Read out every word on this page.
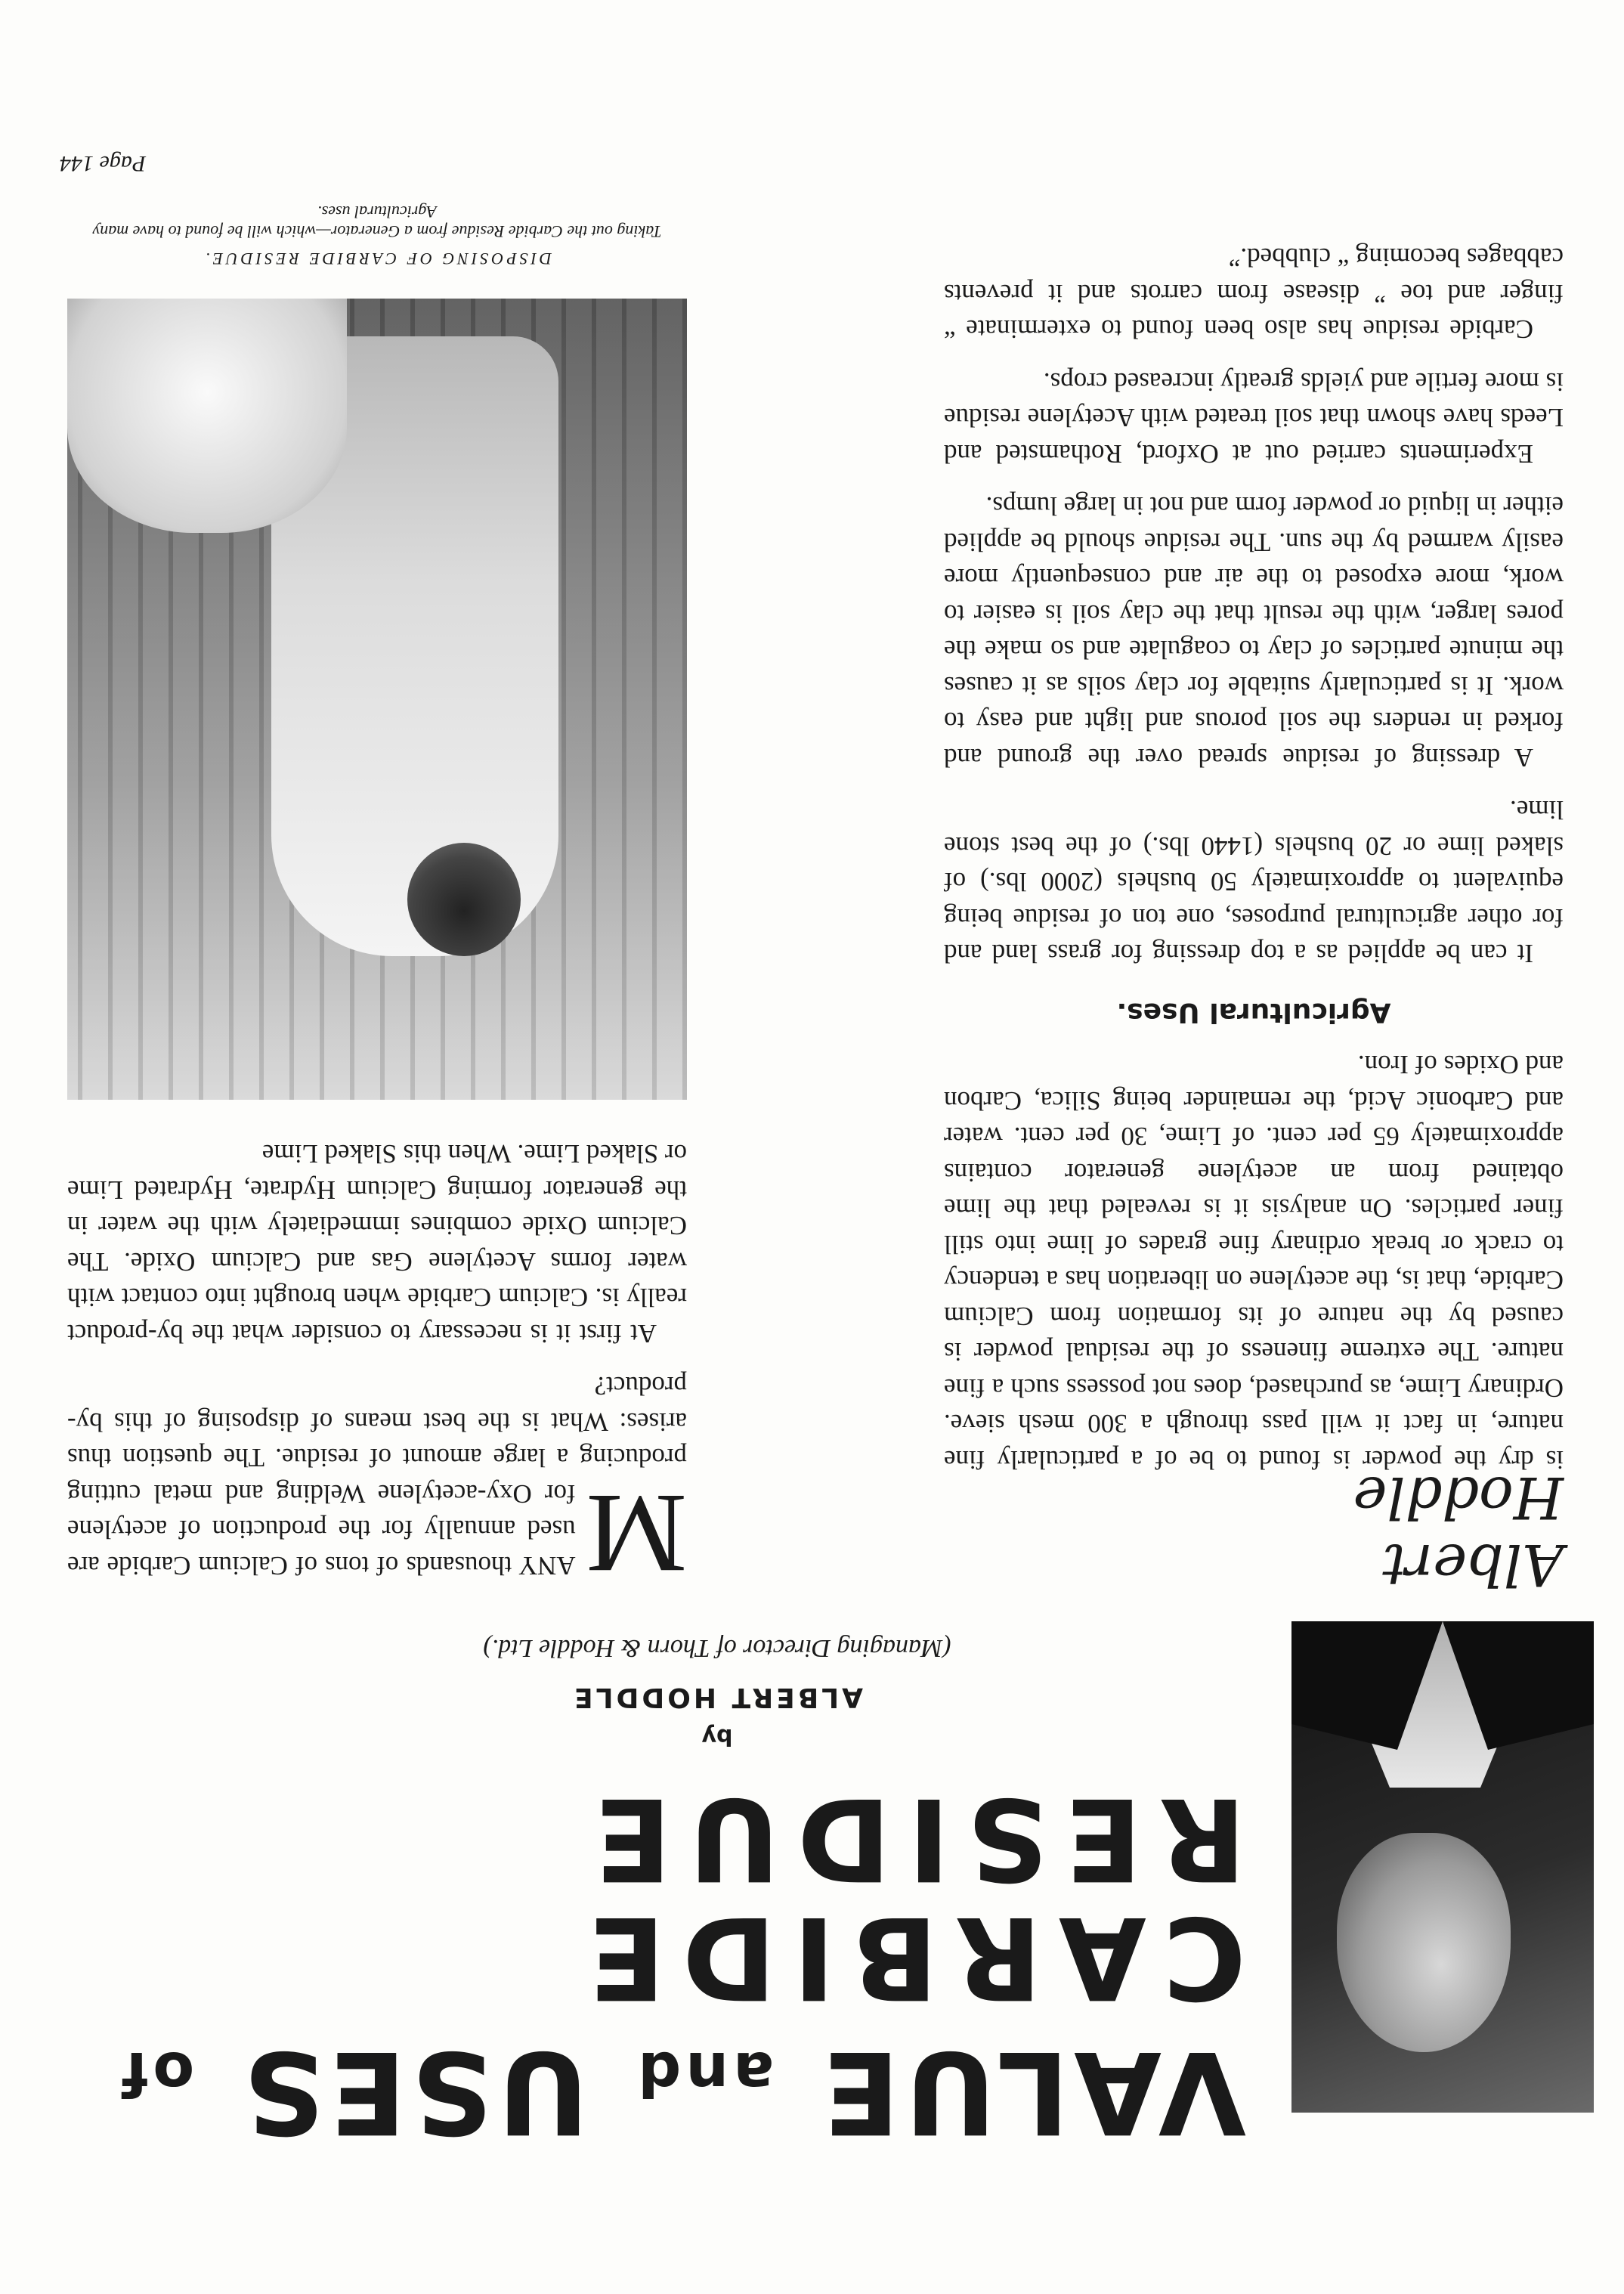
VALUE and USES of
CARBIDE RESIDUE
by
ALBERT HODDLE
(Managing Director of Thorn & Hoddle Ltd.)
Albert Hoddle

M
ANY thousands of tons of Calcium Carbide are used annually for the production of acetylene for Oxy-acetylene Welding and metal cutting producing a large amount of residue. The question thus arises: What is the best means of disposing of this by-product?

At first it is necessary to consider what the by-product really is. Calcium Carbide when brought into contact with water forms Acetylene Gas and Calcium Oxide. The Calcium Oxide combines immediately with the water in the generator forming Calcium Hydrate, Hydrated Lime or Slaked Lime. When this Slaked Lime

is dry the powder is found to be of a particularly fine nature, in fact it will pass through a 300 mesh sieve. Ordinary Lime, as purchased, does not possess such a fine nature. The extreme fineness of the residual powder is caused by the nature of its formation from Calcium Carbide, that is, the acetylene on liberation has a tendency to crack or break ordinary fine grades of lime into still finer particles. On analysis it is revealed that the lime obtained from an acetylene generator contains approximately 65 per cent. of Lime, 30 per cent. water and Carbonic Acid, the remainder being Silica, Carbon and Oxides of Iron.

Agricultural Uses.

It can be applied as a top dressing for grass land and for other agricultural purposes, one ton of residue being equivalent to approximately 50 bushels (2000 lbs.) of slaked lime or 20 bushels (1440 lbs.) of the best stone lime.

A dressing of residue spread over the ground and forked in renders the soil porous and light and easy to work. It is particularly suitable for clay soils as it causes the minute particles of clay to coagulate and so make the pores larger, with the result that the clay soil is easier to work, more exposed to the air and consequently more easily warmed by the sun. The residue should be applied either in liquid or powder form and not in large lumps.

Experiments carried out at Oxford, Rothamsted and Leeds have shown that soil treated with Acetylene residue is more fertile and yields greatly increased crops.

Carbide residue has also been found to exterminate “ finger and toe ” disease from carrots and it prevents cabbages becoming “ clubbed.”

DISPOSING OF CARBIDE RESIDUE.
Taking out the Carbide Residue from a Generator—which will be found to have many Agricultural uses.
Page 144
